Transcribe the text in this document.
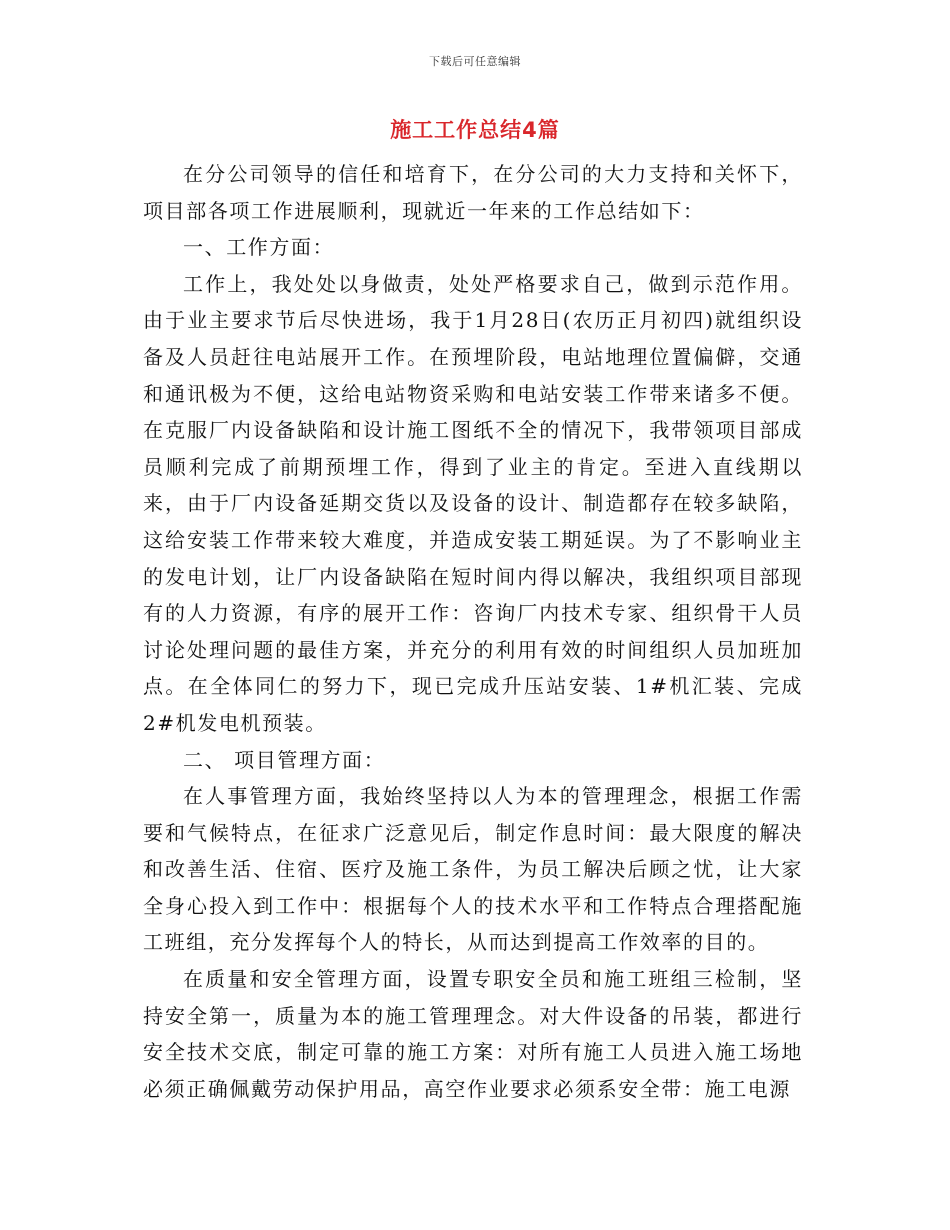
下载后可任意编辑
施工工作总结4篇

在分公司领导的信任和培育下，在分公司的大力支持和关怀下，项目部各项工作进展顺利，现就近一年来的工作总结如下：

一、工作方面：

工作上，我处处以身做责，处处严格要求自己，做到示范作用。由于业主要求节后尽快进场，我于1月28日(农历正月初四)就组织设备及人员赶往电站展开工作。在预埋阶段，电站地理位置偏僻，交通和通讯极为不便，这给电站物资采购和电站安装工作带来诸多不便。在克服厂内设备缺陷和设计施工图纸不全的情况下，我带领项目部成员顺利完成了前期预埋工作，得到了业主的肯定。至进入直线期以来，由于厂内设备延期交货以及设备的设计、制造都存在较多缺陷，这给安装工作带来较大难度，并造成安装工期延误。为了不影响业主的发电计划，让厂内设备缺陷在短时间内得以解决，我组织项目部现有的人力资源，有序的展开工作：咨询厂内技术专家、组织骨干人员讨论处理问题的最佳方案，并充分的利用有效的时间组织人员加班加点。在全体同仁的努力下，现已完成升压站安装、1#机汇装、完成2#机发电机预装。

二、 项目管理方面：

在人事管理方面，我始终坚持以人为本的管理理念，根据工作需要和气候特点，在征求广泛意见后，制定作息时间：最大限度的解决和改善生活、住宿、医疗及施工条件，为员工解决后顾之忧，让大家全身心投入到工作中：根据每个人的技术水平和工作特点合理搭配施工班组，充分发挥每个人的特长，从而达到提高工作效率的目的。

在质量和安全管理方面，设置专职安全员和施工班组三检制，坚持安全第一，质量为本的施工管理理念。对大件设备的吊装，都进行安全技术交底，制定可靠的施工方案：对所有施工人员进入施工场地必须正确佩戴劳动保护用品，高空作业要求必须系安全带：施工电源
